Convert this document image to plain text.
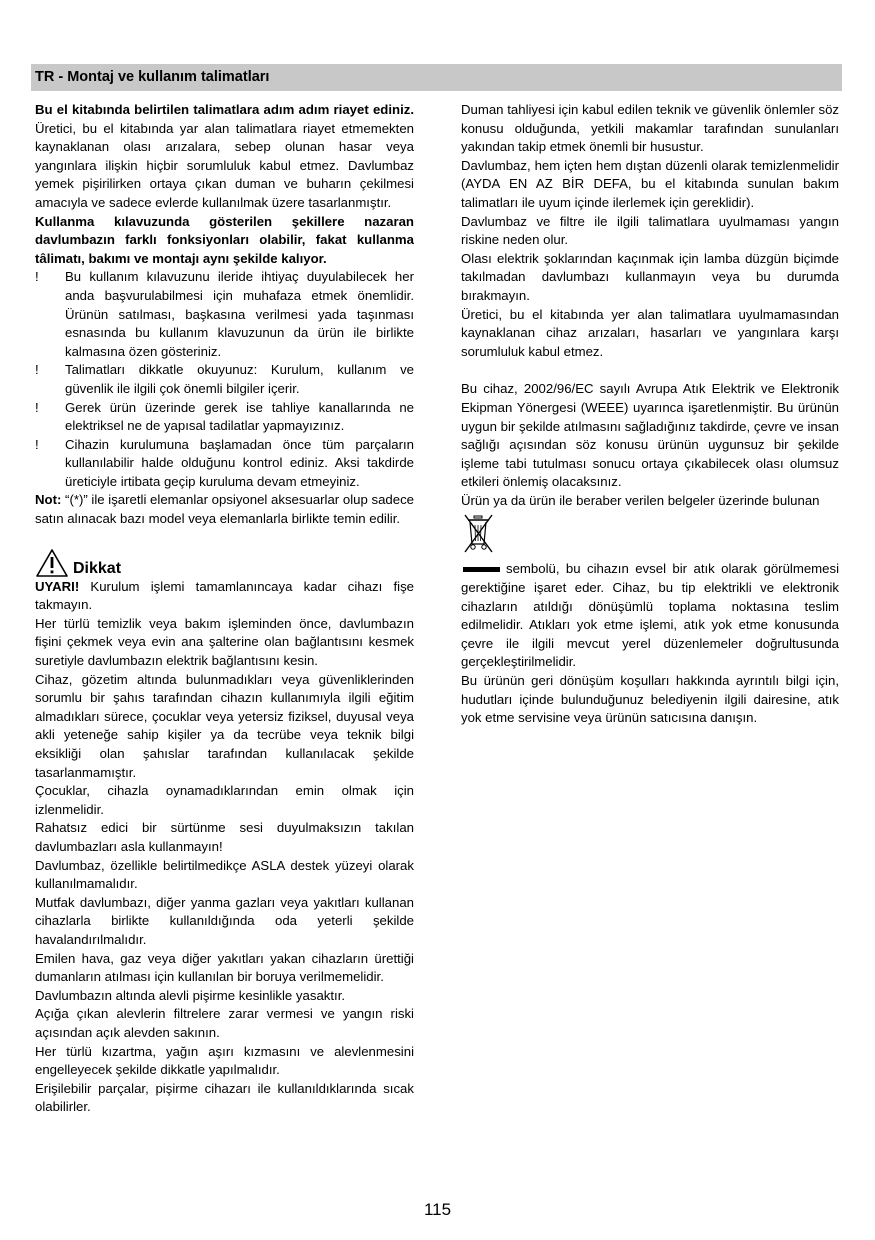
TR - Montaj ve kullanım talimatları

Bu el kitabında belirtilen talimatlara adım adım riayet ediniz. Üretici, bu el kitabında yar alan talimatlara riayet etmemekten kaynaklanan olası arızalara, sebep olunan hasar veya yangınlara ilişkin hiçbir sorumluluk kabul etmez. Davlumbaz yemek pişirilirken ortaya çıkan duman ve buharın çekilmesi amacıyla ve sadece evlerde kullanılmak üzere tasarlanmıştır.

Kullanma kılavuzunda gösterilen şekillere nazaran davlumbazın farklı fonksiyonları olabilir, fakat kullanma tâlimatı, bakımı ve montajı aynı şekilde kalıyor.

!	Bu kullanım kılavuzunu ileride ihtiyaç duyulabilecek her anda başvurulabilmesi için muhafaza etmek önemlidir. Ürünün satılması, başkasına verilmesi yada taşınması esnasında bu kullanım klavuzunun da ürün ile birlikte kalmasına özen gösteriniz.
!	Talimatları dikkatle okuyunuz: Kurulum, kullanım ve güvenlik ile ilgili çok önemli bilgiler içerir.
!	Gerek ürün üzerinde gerek ise tahliye kanallarında ne elektriksel ne de yapısal tadilatlar yapmayızınız.
!	Cihazin kurulumuna başlamadan önce tüm parçaların kullanılabilir halde olduğunu kontrol ediniz. Aksi takdirde üreticiyle irtibata geçip kuruluma devam etmeyiniz.

Not: “(*)” ile işaretli elemanlar opsiyonel aksesuarlar olup sadece satın alınacak bazı model veya elemanlarla birlikte temin edilir.

Dikkat

UYARI! Kurulum işlemi tamamlanıncaya kadar cihazı fişe takmayın.

Her türlü temizlik veya bakım işleminden önce, davlumbazın fişini çekmek veya evin ana şalterine olan bağlantısını kesmek suretiyle davlumbazın elektrik bağlantısını kesin.

Cihaz, gözetim altında bulunmadıkları veya güvenliklerinden sorumlu bir şahıs tarafından cihazın kullanımıyla ilgili eğitim almadıkları sürece, çocuklar veya yetersiz fiziksel, duyusal veya akli yeteneğe sahip kişiler ya da tecrübe veya teknik bilgi eksikliği olan şahıslar tarafından kullanılacak şekilde tasarlanmamıştır.

Çocuklar, cihazla oynamadıklarından emin olmak için izlenmelidir.

Rahatsız edici bir sürtünme sesi duyulmaksızın takılan davlumbazları asla kullanmayın!

Davlumbaz, özellikle belirtilmedikçe ASLA destek yüzeyi olarak kullanılmamalıdır.

Mutfak davlumbazı, diğer yanma gazları veya yakıtları kullanan cihazlarla birlikte kullanıldığında oda yeterli şekilde havalandırılmalıdır.

Emilen hava, gaz veya diğer yakıtları yakan cihazların ürettiği dumanların atılması için kullanılan bir boruya verilmemelidir.

Davlumbazın altında alevli pişirme kesinlikle yasaktır.

Açığa çıkan alevlerin filtrelere zarar vermesi ve yangın riski açısından açık alevden sakının.

Her türlü kızartma, yağın aşırı kızmasını ve alevlenmesini engelleyecek şekilde dikkatle yapılmalıdır.

Erişilebilir parçalar, pişirme cihazarı ile kullanıldıklarında sıcak olabilirler.

Duman tahliyesi için kabul edilen teknik ve güvenlik önlemler söz konusu olduğunda, yetkili makamlar tarafından sunulanları yakından takip etmek önemli bir husustur.

Davlumbaz, hem içten hem dıştan düzenli olarak temizlenmelidir (AYDA EN AZ BİR DEFA, bu el kitabında sunulan bakım talimatları ile uyum içinde ilerlemek için gereklidir).

Davlumbaz ve filtre ile ilgili talimatlara uyulmaması yangın riskine neden olur.

Olası elektrik şoklarından kaçınmak için lamba düzgün biçimde takılmadan davlumbazı kullanmayın veya bu durumda bırakmayın.

Üretici, bu el kitabında yer alan talimatlara uyulmamasından kaynaklanan cihaz arızaları, hasarları ve yangınlara karşı sorumluluk kabul etmez.

Bu cihaz, 2002/96/EC sayılı Avrupa Atık Elektrik ve Elektronik Ekipman Yönergesi (WEEE) uyarınca işaretlenmiştir. Bu ürünün uygun bir şekilde atılmasını sağladığınız takdirde, çevre ve insan sağlığı açısından söz konusu ürünün uygunsuz bir şekilde işleme tabi tutulması sonucu ortaya çıkabilecek olası olumsuz etkileri önlemiş olacaksınız.

Ürün ya da ürün ile beraber verilen belgeler üzerinde bulunan

sembolü, bu cihazın evsel bir atık olarak görülmemesi gerektiğine işaret eder. Cihaz, bu tip elektrikli ve elektronik cihazların atıldığı dönüşümlü toplama noktasına teslim edilmelidir. Atıkları yok etme işlemi, atık yok etme konusunda çevre ile ilgili mevcut yerel düzenlemeler doğrultusunda gerçekleştirilmelidir.

Bu ürünün geri dönüşüm koşulları hakkında ayrıntılı bilgi için, hudutları içinde bulunduğunuz belediyenin ilgili dairesine, atık yok etme servisine veya ürünün satıcısına danışın.

115
